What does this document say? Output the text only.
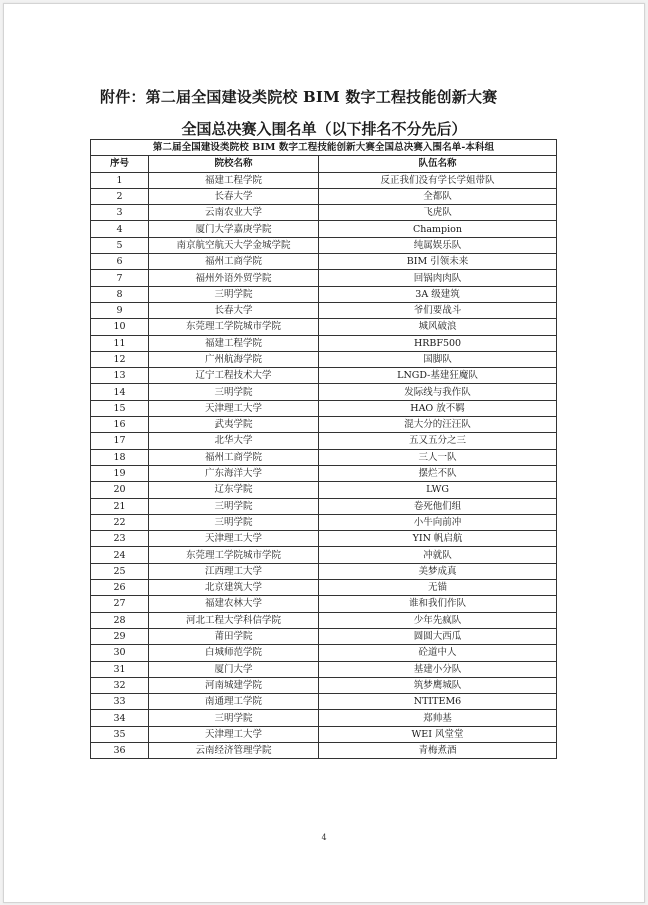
附件：第二届全国建设类院校 BIM 数字工程技能创新大赛
全国总决赛入围名单（以下排名不分先后）
第二届全国建设类院校 BIM 数字工程技能创新大赛全国总决赛入围名单-本科组		
序号	院校名称	队伍名称
1	福建工程学院	反正我们没有学长学姐带队
2	长春大学	全都队
3	云南农业大学	飞虎队
4	厦门大学嘉庚学院	Champion
5	南京航空航天大学金城学院	纯属娱乐队
6	福州工商学院	BIM 引领未来
7	福州外语外贸学院	回锅肉肉队
8	三明学院	3A 级建筑
9	长春大学	爷们要战斗
10	东莞理工学院城市学院	城风破浪
11	福建工程学院	HRBF500
12	广州航海学院	国脚队
13	辽宁工程技术大学	LNGD-基建狂魔队
14	三明学院	发际线与我作队
15	天津理工大学	HAO 放不羁
16	武夷学院	混大分的汪汪队
17	北华大学	五又五分之三
18	福州工商学院	三人一队
19	广东海洋大学	摆烂不队
20	辽东学院	LWG
21	三明学院	卷死他们组
22	三明学院	小牛向前冲
23	天津理工大学	YIN 帆启航
24	东莞理工学院城市学院	冲就队
25	江西理工大学	美梦成真
26	北京建筑大学	无锚
27	福建农林大学	谁和我们作队
28	河北工程大学科信学院	少年先疯队
29	莆田学院	圆圆大西瓜
30	白城师范学院	砼道中人
31	厦门大学	基建小分队
32	河南城建学院	筑梦鹰城队
33	南通理工学院	NTITEM6
34	三明学院	郑帅基
35	天津理工大学	WEI 风堂堂
36	云南经济管理学院	青梅煮酒
4
